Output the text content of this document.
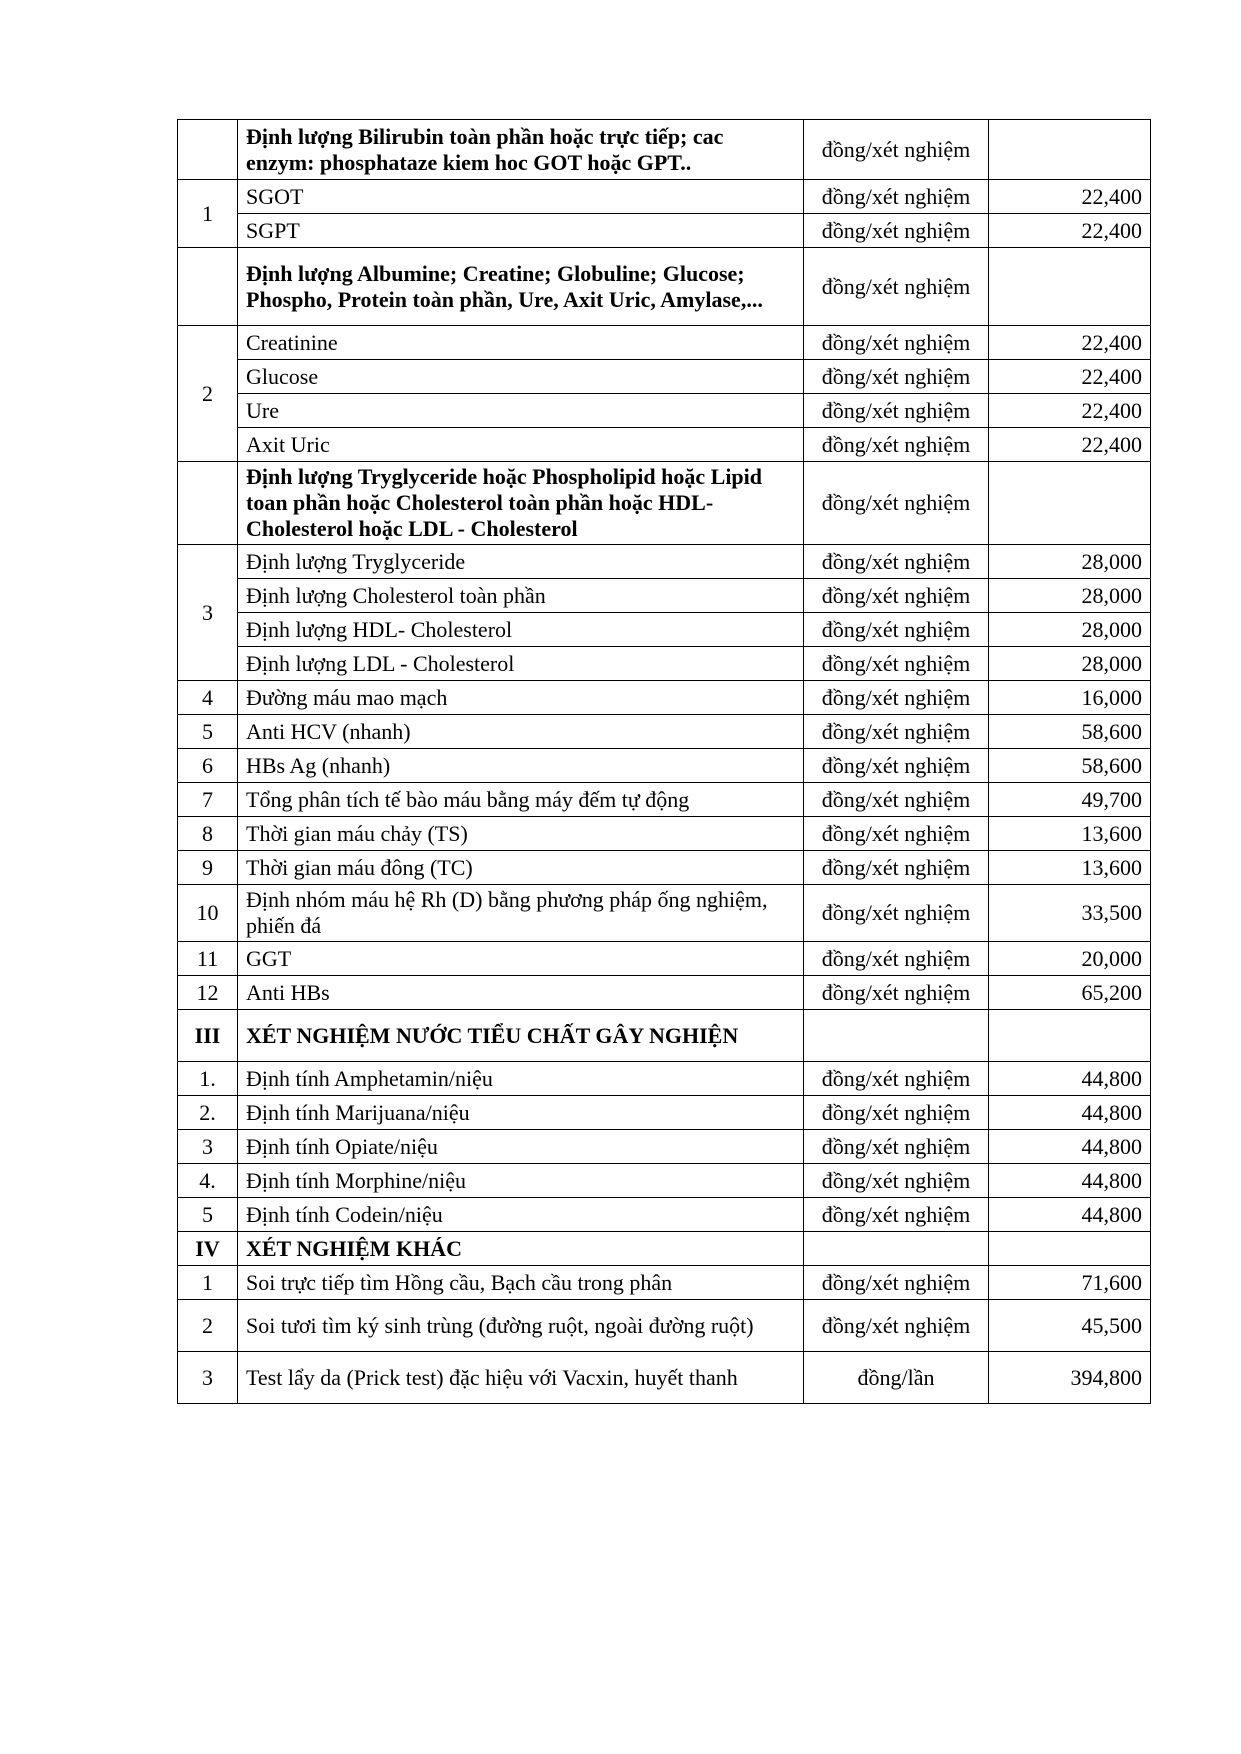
	Định lượng Bilirubin toàn phần hoặc trực tiếp; cac enzym: phosphataze kiem hoc GOT hoặc GPT..	đồng/xét nghiệm	
1	SGOT	đồng/xét nghiệm	22,400
	SGPT	đồng/xét nghiệm	22,400
	Định lượng Albumine; Creatine; Globuline; Glucose; Phospho, Protein toàn phần, Ure, Axit Uric, Amylase,...	đồng/xét nghiệm	
2	Creatinine	đồng/xét nghiệm	22,400
	Glucose	đồng/xét nghiệm	22,400
	Ure	đồng/xét nghiệm	22,400
	Axit Uric	đồng/xét nghiệm	22,400
	Định lượng Tryglyceride hoặc Phospholipid hoặc Lipid toan phần hoặc Cholesterol toàn phần hoặc HDL- Cholesterol hoặc LDL - Cholesterol	đồng/xét nghiệm	
3	Định lượng Tryglyceride	đồng/xét nghiệm	28,000
	Định lượng Cholesterol toàn phần	đồng/xét nghiệm	28,000
	Định lượng HDL- Cholesterol	đồng/xét nghiệm	28,000
	Định lượng LDL - Cholesterol	đồng/xét nghiệm	28,000
4	Đường máu mao mạch	đồng/xét nghiệm	16,000
5	Anti HCV (nhanh)	đồng/xét nghiệm	58,600
6	HBs Ag (nhanh)	đồng/xét nghiệm	58,600
7	Tổng phân tích tế bào máu bằng máy đếm tự động	đồng/xét nghiệm	49,700
8	Thời gian máu chảy (TS)	đồng/xét nghiệm	13,600
9	Thời gian máu đông (TC)	đồng/xét nghiệm	13,600
10	Định nhóm máu hệ Rh (D) bằng phương pháp ống nghiệm, phiến đá	đồng/xét nghiệm	33,500
11	GGT	đồng/xét nghiệm	20,000
12	Anti HBs	đồng/xét nghiệm	65,200
III	XÉT NGHIỆM NƯỚC TIỂU CHẤT GÂY NGHIỆN		
1.	Định tính Amphetamin/niệu	đồng/xét nghiệm	44,800
2.	Định tính Marijuana/niệu	đồng/xét nghiệm	44,800
3	Định tính Opiate/niệu	đồng/xét nghiệm	44,800
4.	Định tính Morphine/niệu	đồng/xét nghiệm	44,800
5	Định tính Codein/niệu	đồng/xét nghiệm	44,800
IV	XÉT NGHIỆM KHÁC		
1	Soi trực tiếp tìm Hồng cầu, Bạch cầu trong phân	đồng/xét nghiệm	71,600
2	Soi tươi tìm ký sinh trùng (đường ruột, ngoài đường ruột)	đồng/xét nghiệm	45,500
3	Test lẩy da (Prick test) đặc hiệu với Vacxin, huyết thanh	đồng/lần	394,800
